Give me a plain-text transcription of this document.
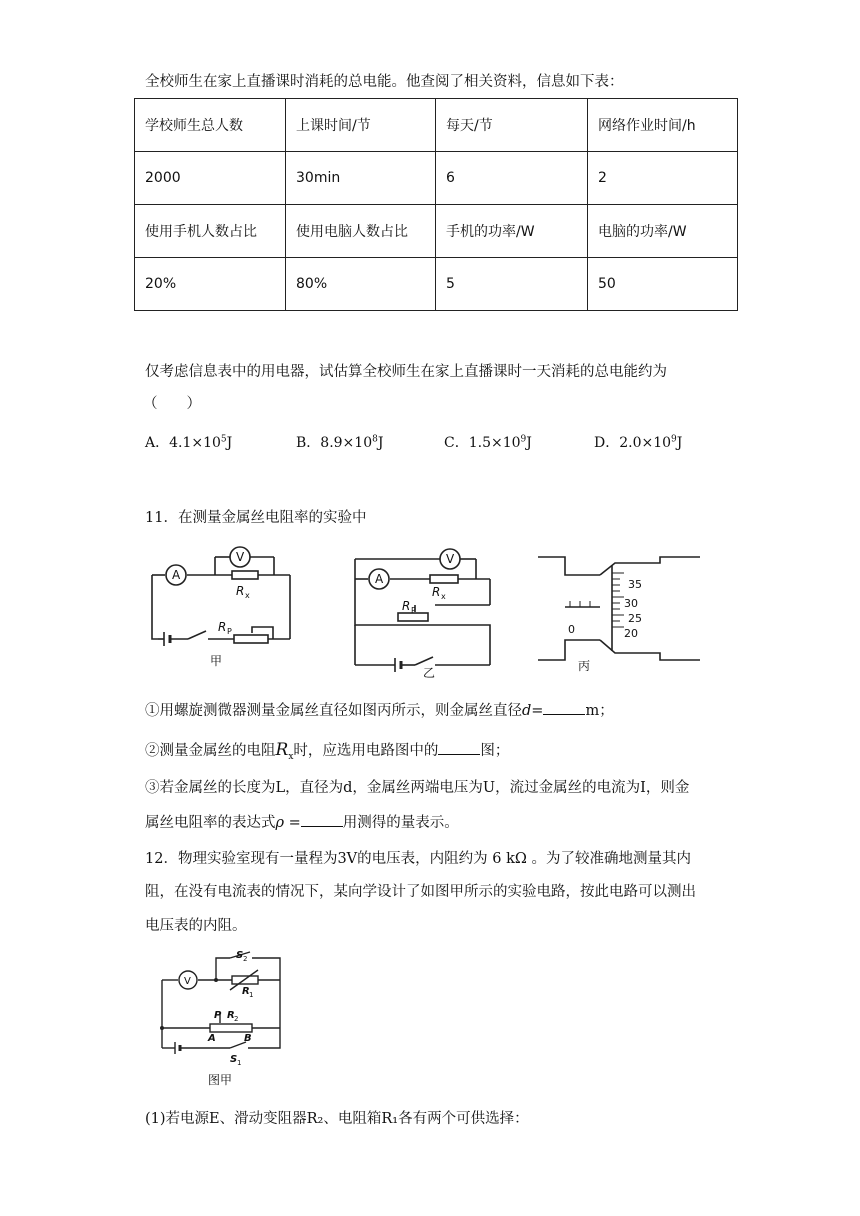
全校师生在家上直播课时消耗的总电能。他查阅了相关资料，信息如下表：
学校师生总人数	上课时间/节	每天/节	网络作业时间/h
2000	30min	6	2
使用手机人数占比	使用电脑人数占比	手机的功率/W	电脑的功率/W
20%	80%	5	50
仅考虑信息表中的用电器，试估算全校师生在家上直播课时一天消耗的总电能约为
（　　）
A．$4.1\times 10^5J$	B．$8.9\times 10^8J$	C．$1.5\times 10^9J$	D．$2.0\times 10^9J$
11．在测量金属丝电阻率的实验中
A
V
A
V
R x
R P
R x
R P
甲
乙	丙
0
35
30
25
20
①用螺旋测微器测量金属丝直径如图丙所示，则金属丝直径d=	m；
②测量金属丝的电阻$R_x$时，应选用电路图中的	图；
③若金属丝的长度为L，直径为d，金属丝两端电压为U，流过金属丝的电流为I，则金
属丝电阻率的表达式ρ =	用测得的量表示。
12．物理实验室现有一量程为3V的电压表，内阻约为 6 kΩ 。为了较准确地测量其内
阻，在没有电流表的情况下，某向学设计了如图甲所示的实验电路，按此电路可以测出
电压表的内阻。
V
S 2
R 1
P R 2
A	B
S 1
图甲
(1)若电源E、滑动变阻器R₂、电阻箱R₁各有两个可供选择：
